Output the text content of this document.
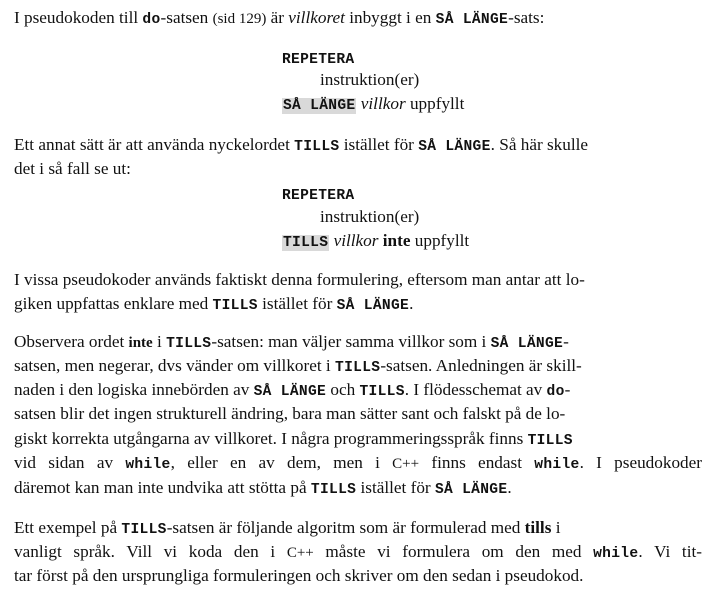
I pseudokoden till do-satsen (sid 129) är villkoret inbyggt i en SÅ LÄNGE-sats:
REPETERA
instruktion(er)
SÅ LÄNGE villkor uppfyllt
Ett annat sätt är att använda nyckelordet TILLS istället för SÅ LÄNGE. Så här skulle
det i så fall se ut:
REPETERA
instruktion(er)
TILLS villkor inte uppfyllt
I vissa pseudokoder används faktiskt denna formulering, eftersom man antar att lo-
giken uppfattas enklare med TILLS istället för SÅ LÄNGE.
Observera ordet inte i TILLS-satsen: man väljer samma villkor som i SÅ LÄNGE-
satsen, men negerar, dvs vänder om villkoret i TILLS-satsen. Anledningen är skill-
naden i den logiska innebörden av SÅ LÄNGE och TILLS. I flödesschemat av do-
satsen blir det ingen strukturell ändring, bara man sätter sant och falskt på de lo-
giskt korrekta utgångarna av villkoret. I några programmeringsspråk finns TILLS
vid sidan av while, eller en av dem, men i C++ finns endast while. I pseudokoder
däremot kan man inte undvika att stötta på TILLS istället för SÅ LÄNGE.
Ett exempel på TILLS-satsen är följande algoritm som är formulerad med tills i
vanligt språk. Vill vi koda den i C++ måste vi formulera om den med while. Vi tit-
tar först på den ursprungliga formuleringen och skriver om den sedan i pseudokod.
